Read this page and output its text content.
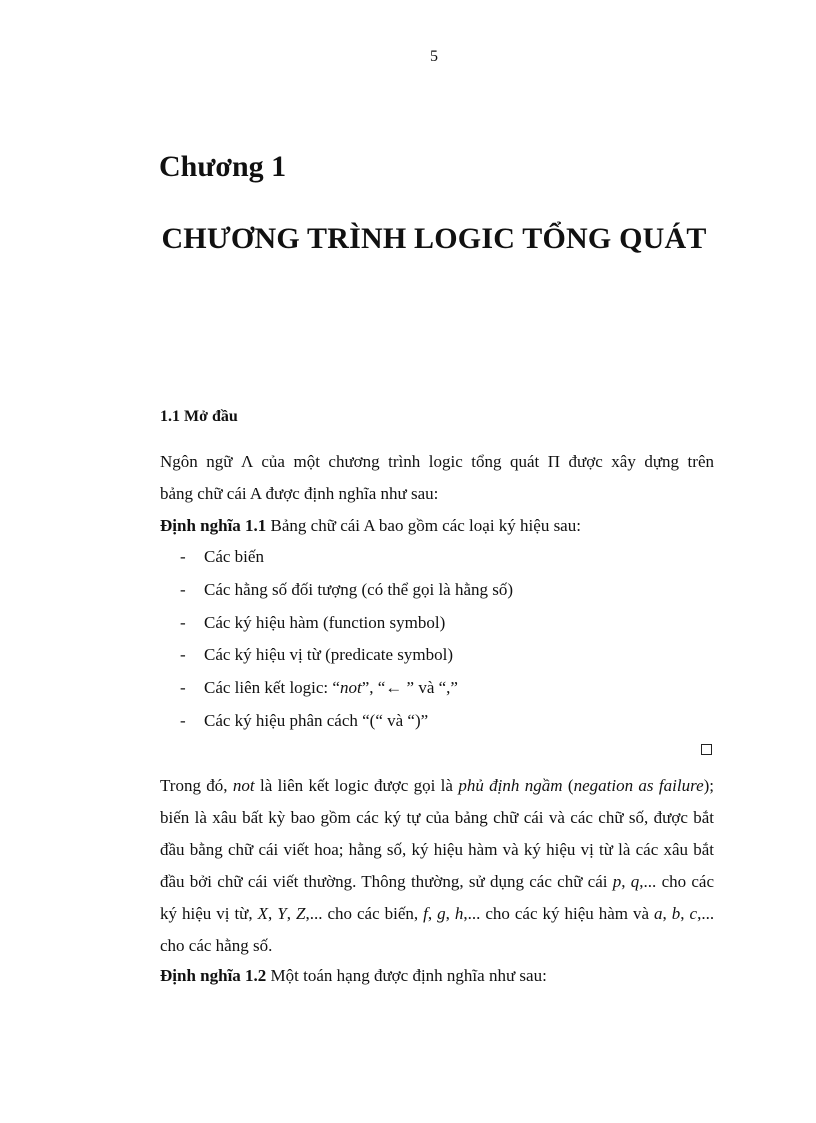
5
Chương 1
CHƯƠNG TRÌNH LOGIC TỔNG QUÁT
1.1 Mở đầu
Ngôn ngữ Λ của một chương trình logic tổng quát Π được xây dựng trên
bảng chữ cái A được định nghĩa như sau:
Định nghĩa 1.1 Bảng chữ cái A bao gồm các loại ký hiệu sau:
- Các biến
- Các hằng số đối tượng (có thể gọi là hằng số)
- Các ký hiệu hàm (function symbol)
- Các ký hiệu vị từ (predicate symbol)
- Các liên kết logic: “not”, “← ” và “,”
- Các ký hiệu phân cách “(“ và “)”
Trong đó, not là liên kết logic được gọi là phủ định ngầm (negation as failure); biến là xâu bất kỳ bao gồm các ký tự của bảng chữ cái và các chữ số, được bắt đầu bằng chữ cái viết hoa; hằng số, ký hiệu hàm và ký hiệu vị từ là các xâu bắt đầu bởi chữ cái viết thường. Thông thường, sử dụng các chữ cái p, q,... cho các ký hiệu vị từ, X, Y, Z,... cho các biến, f, g, h,... cho các ký hiệu hàm và a, b, c,... cho các hằng số.
Định nghĩa 1.2 Một toán hạng được định nghĩa như sau:
